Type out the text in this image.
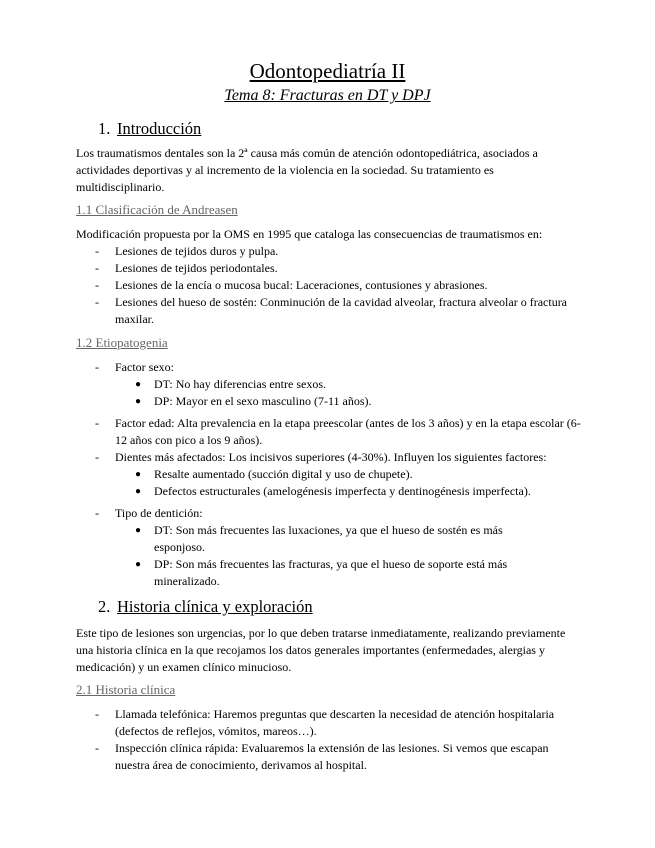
Odontopediatría II
Tema 8: Fracturas en DT y DPJ
1. Introducción

Los traumatismos dentales son la 2ª causa más común de atención odontopediátrica, asociados a actividades deportivas y al incremento de la violencia en la sociedad. Su tratamiento es multidisciplinario.

1.1 Clasificación de Andreasen

Modificación propuesta por la OMS en 1995 que cataloga las consecuencias de traumatismos en:

- Lesiones de tejidos duros y pulpa.
- Lesiones de tejidos periodontales.
- Lesiones de la encía o mucosa bucal: Laceraciones, contusiones y abrasiones.
- Lesiones del hueso de sostén: Conminución de la cavidad alveolar, fractura alveolar o fractura maxilar.
1.2 Etiopatogenia
- Factor sexo:
● DT: No hay diferencias entre sexos.
● DP: Mayor en el sexo masculino (7-11 años).
- Factor edad: Alta prevalencia en la etapa preescolar (antes de los 3 años) y en la etapa escolar (6-12 años con pico a los 9 años).
- Dientes más afectados: Los incisivos superiores (4-30%). Influyen los siguientes factores:
● Resalte aumentado (succión digital y uso de chupete).
● Defectos estructurales (amelogénesis imperfecta y dentinogénesis imperfecta).
- Tipo de dentición:
● DT: Son más frecuentes las luxaciones, ya que el hueso de sostén es más esponjoso.
● DP: Son más frecuentes las fracturas, ya que el hueso de soporte está más mineralizado.
2. Historia clínica y exploración

Este tipo de lesiones son urgencias, por lo que deben tratarse inmediatamente, realizando previamente una historia clínica en la que recojamos los datos generales importantes (enfermedades, alergias y medicación) y un examen clínico minucioso.

2.1 Historia clínica
- Llamada telefónica: Haremos preguntas que descarten la necesidad de atención hospitalaria (defectos de reflejos, vómitos, mareos…).
- Inspección clínica rápida: Evaluaremos la extensión de las lesiones. Si vemos que escapan nuestra área de conocimiento, derivamos al hospital.
